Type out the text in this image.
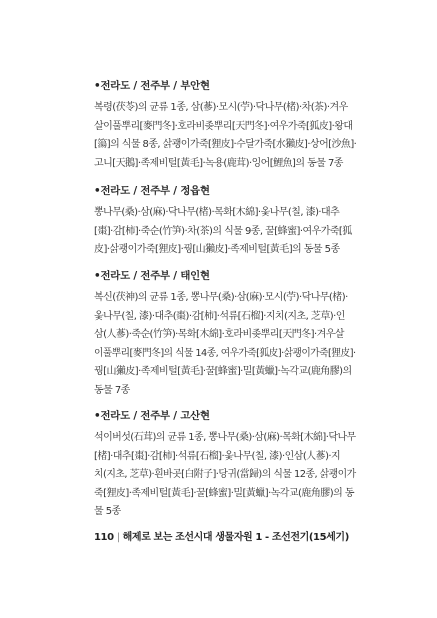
•전라도 / 전주부 / 부안현
복령(茯苓)의 균류 1종, 삼(蔘)·모시(苧)·닥나무(楮)·차(茶)·겨우
살이풀뿌리[麥門冬]·호라비좆뿌리[天門冬]·여우가죽[狐皮]·왕대
[簜]의 식물 8종, 삵괭이가죽[狸皮]·수달가죽[水獺皮]·상어[沙魚]·
고니[天鵝]·족제비털[黃毛]·녹용(鹿茸)·잉어[鯉魚]의 동물 7종
•전라도 / 전주부 / 정읍현
뽕나무(桑)·삼(麻)·닥나무(楮)·목화[木綿]·옻나무(칠, 漆)·대추
[棗]·감[柿]·죽순(竹笋)·차(茶)의 식물 9종, 꿀[蜂蜜]·여우가죽[狐
皮]·삵괭이가죽[狸皮]·꿩[山獺皮]·족제비털[黃毛]의 동물 5종
•전라도 / 전주부 / 태인현
복신(茯神)의 균류 1종, 뽕나무(桑)·삼(麻)·모시(苧)·닥나무(楮)·
옻나무(칠, 漆)·대추(棗)·감[柿]·석류[石榴]·지치(지초, 芝草)·인
삼(人蔘)·죽순(竹笋)·목화[木綿]·호라비좆뿌리[天門冬]·겨우살
이풀뿌리[麥門冬]의 식물 14종, 여우가죽[狐皮]·삵괭이가죽[狸皮]·
꿩[山獺皮]·족제비털[黃毛]·꿀[蜂蜜]·밀[黃蠟]·녹각교(鹿角膠)의
동물 7종
•전라도 / 전주부 / 고산현
석이버섯(石茸)의 균류 1종, 뽕나무(桑)·삼(麻)·목화[木綿]·닥나무
[楮]·대추[棗]·감[柿]·석류[石榴]·옻나무(칠, 漆)·인삼(人蔘)·지
치(지초, 芝草)·흰바곳[白附子]·당귀(當歸)의 식물 12종, 삵괭이가
죽[狸皮]·족제비털[黃毛]·꿀[蜂蜜]·밀[黃蠟]·녹각교(鹿角膠)의 동
물 5종
110 | 해제로 보는 조선시대 생물자원 1 - 조선전기(15세기)
